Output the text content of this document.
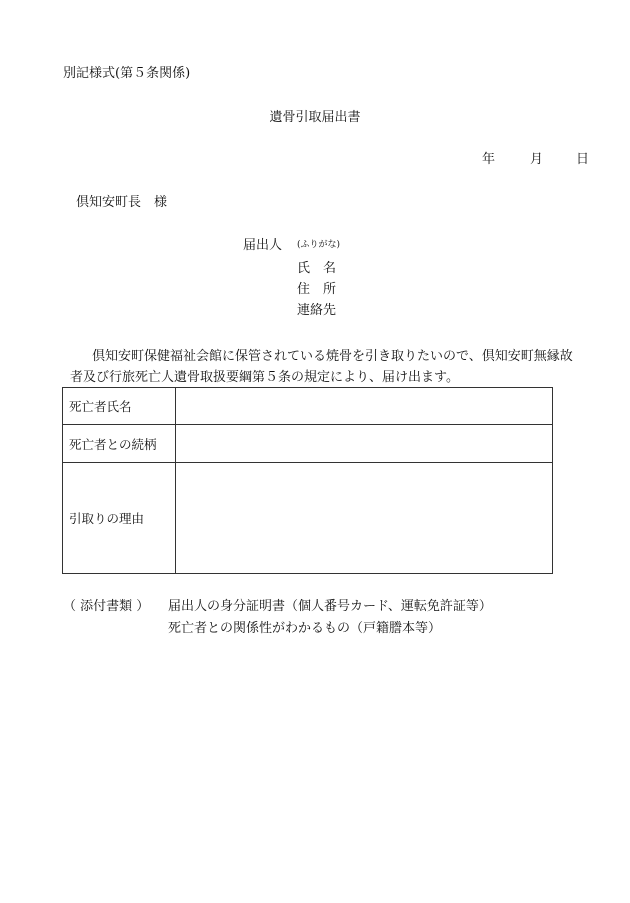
別記様式(第５条関係)
遺骨引取届出書
年	月	日
倶知安町長　様
届出人 (ふりがな)
氏　名
住　所
連絡先
倶知安町保健福祉会館に保管されている焼骨を引き取りたいので、倶知安町無縁故
者及び行旅死亡人遺骨取扱要綱第５条の規定により、届け出ます。
死亡者氏名	
死亡者との続柄	
引取りの理由	
（ 添付書類 ） 届出人の身分証明書（個人番号カード、運転免許証等）
死亡者との関係性がわかるもの（戸籍謄本等）
